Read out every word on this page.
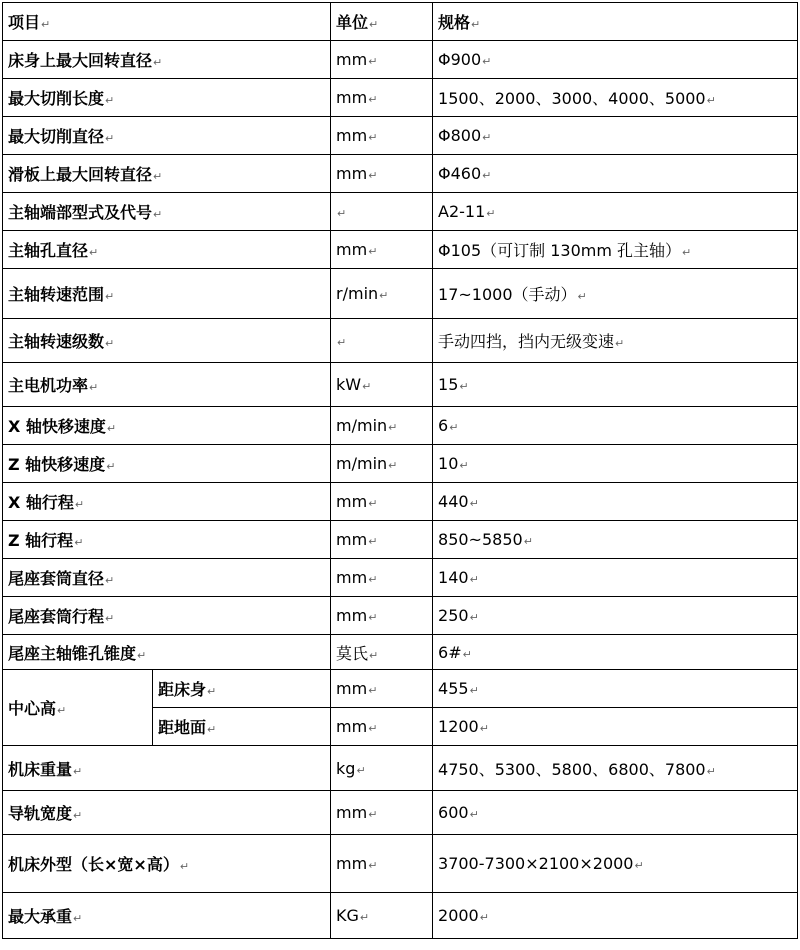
项目↵		单位↵	规格↵
床身上最大回转直径↵		mm↵	Φ900↵
最大切削长度↵		mm↵	1500、2000、3000、4000、5000↵
最大切削直径↵		mm↵	Φ800↵
滑板上最大回转直径↵		mm↵	Φ460↵
主轴端部型式及代号↵		↵	A2-11↵
主轴孔直径↵		mm↵	Φ105（可订制 130mm 孔主轴）↵
主轴转速范围↵		r/min↵	17~1000（手动）↵
主轴转速级数↵		↵	手动四挡，挡内无级变速↵
主电机功率↵		kW↵	15↵
X 轴快移速度↵		m/min↵	6↵
Z 轴快移速度↵		m/min↵	10↵
X 轴行程↵		mm↵	440↵
Z 轴行程↵		mm↵	850~5850↵
尾座套筒直径↵		mm↵	140↵
尾座套筒行程↵		mm↵	250↵
尾座主轴锥孔锥度↵		莫氏↵	6#↵
中心高↵	距床身↵	mm↵	455↵
	距地面↵	mm↵	1200↵
机床重量↵		kg↵	4750、5300、5800、6800、7800↵
导轨宽度↵		mm↵	600↵
机床外型（长×宽×高）↵		mm↵	3700-7300×2100×2000↵
最大承重↵		KG↵	2000↵
